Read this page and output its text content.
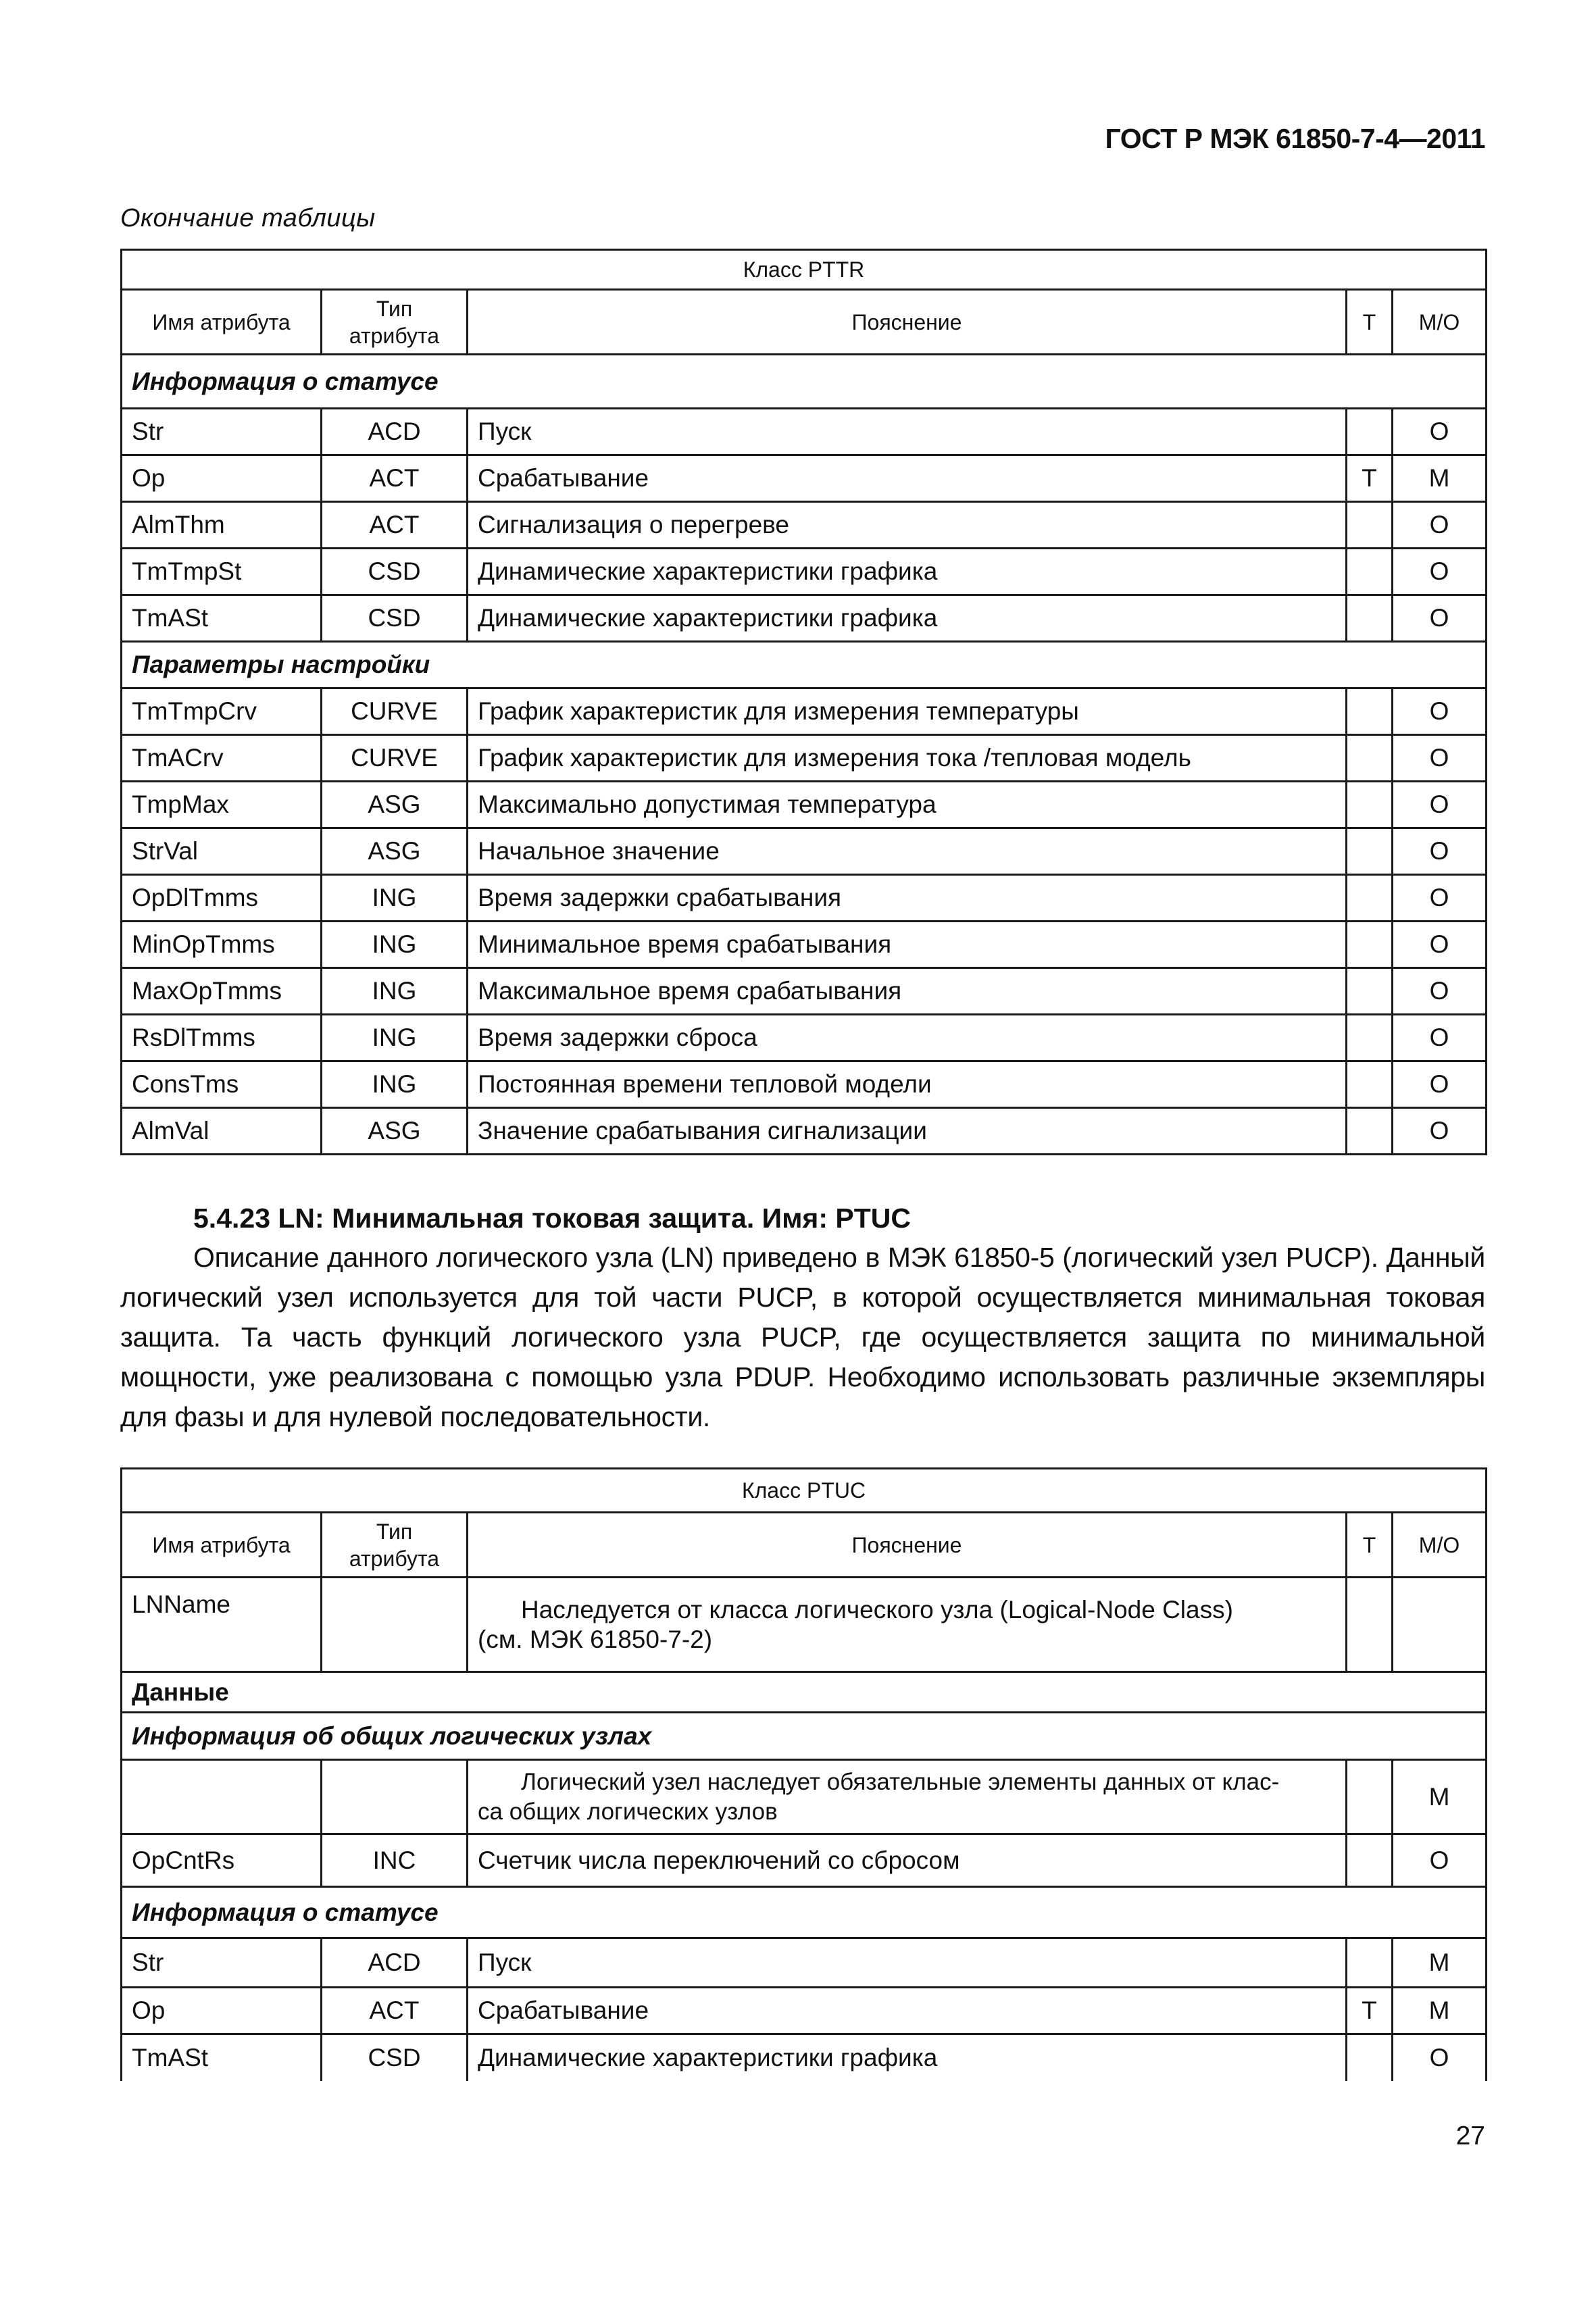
ГОСТ Р МЭК 61850-7-4—2011
Окончание таблицы
Класс PTTR				
Имя атрибута	Тип атрибута	Пояснение	T	М/О
Информация о статусе				
Str	ACD	Пуск		O
Op	ACT	Срабатывание	T	M
AlmThm	ACT	Сигнализация о перегреве		O
TmTmpSt	CSD	Динамические характеристики графика		O
TmASt	CSD	Динамические характеристики графика		O
Параметры настройки				
TmTmpCrv	CURVE	График характеристик для измерения температуры		O
TmACrv	CURVE	График характеристик для измерения тока /тепловая модель		O
TmpMax	ASG	Максимально допустимая температура		O
StrVal	ASG	Начальное значение		O
OpDlTmms	ING	Время задержки срабатывания		O
MinOpTmms	ING	Минимальное время срабатывания		O
MaxOpTmms	ING	Максимальное время срабатывания		O
RsDlTmms	ING	Время задержки сброса		O
ConsTms	ING	Постоянная времени тепловой модели		O
AlmVal	ASG	Значение срабатывания сигнализации		O
5.4.23 LN: Минимальная токовая защита. Имя: PTUC
Описание данного логического узла (LN) приведено в МЭК 61850-5 (логический узел PUCP). Данный логический узел используется для той части PUCP, в которой осуществляется минимальная токовая защита. Та часть функций логического узла PUCP, где осуществляется защита по минимальной мощности, уже реализована с помощью узла PDUP. Необходимо использовать различные экземпляры для фазы и для нулевой последовательности.
Класс PTUC				
Имя атрибута	Тип атрибута	Пояснение	T	М/О
LNName		Наследуется от класса логического узла (Logical-Node Class)
(см. МЭК 61850-7-2)		

Данные				
Информация об общих логических узлах				

		Логический узел наследует обязательные элементы данных от клас-
са общих логических узлов		M
OpCntRs	INC	Счетчик числа переключений со сбросом		O
Информация о статусе				
Str	ACD	Пуск		M
Op	ACT	Срабатывание	T	M
TmASt	CSD	Динамические характеристики графика		O
27
